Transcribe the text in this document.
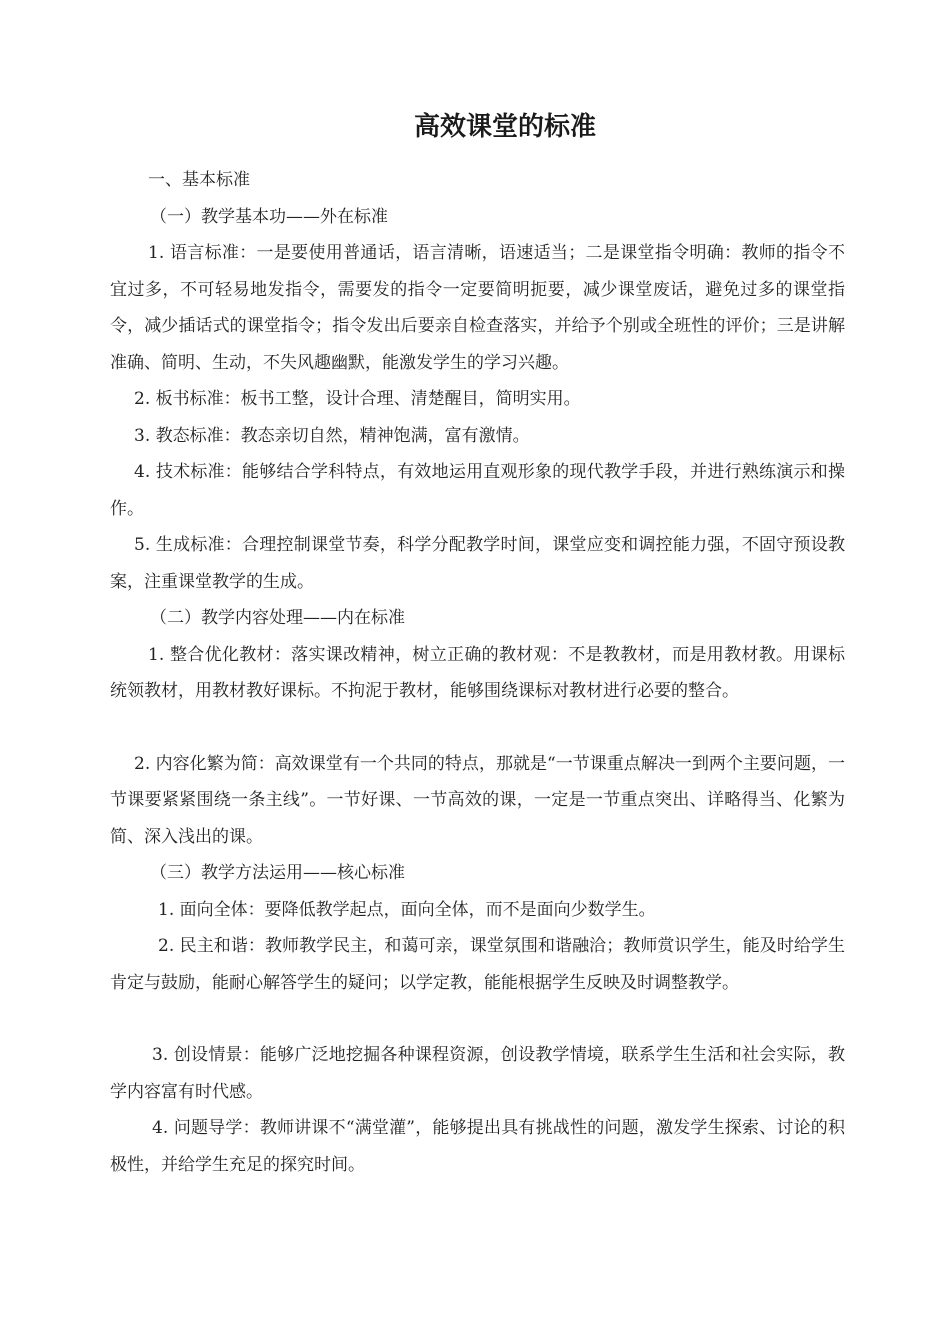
高效课堂的标准

一、基本标准

（一）教学基本功——外在标准

1. 语言标准：一是要使用普通话，语言清晰，语速适当；二是课堂指令明确：教师的指令不宜过多，不可轻易地发指令，需要发的指令一定要简明扼要，减少课堂废话，避免过多的课堂指令，减少插话式的课堂指令；指令发出后要亲自检查落实，并给予个别或全班性的评价；三是讲解准确、简明、生动，不失风趣幽默，能激发学生的学习兴趣。

2. 板书标准：板书工整，设计合理、清楚醒目，简明实用。

3. 教态标准：教态亲切自然，精神饱满，富有激情。

4. 技术标准：能够结合学科特点，有效地运用直观形象的现代教学手段，并进行熟练演示和操作。

5. 生成标准：合理控制课堂节奏，科学分配教学时间，课堂应变和调控能力强，不固守预设教案，注重课堂教学的生成。

（二）教学内容处理——内在标准

1. 整合优化教材：落实课改精神，树立正确的教材观：不是教教材，而是用教材教。用课标统领教材，用教材教好课标。不拘泥于教材，能够围绕课标对教材进行必要的整合。

2. 内容化繁为简：高效课堂有一个共同的特点，那就是“一节课重点解决一到两个主要问题，一节课要紧紧围绕一条主线”。一节好课、一节高效的课，一定是一节重点突出、详略得当、化繁为简、深入浅出的课。

（三）教学方法运用——核心标准

1. 面向全体：要降低教学起点，面向全体，而不是面向少数学生。

2. 民主和谐：教师教学民主，和蔼可亲，课堂氛围和谐融洽；教师赏识学生，能及时给学生肯定与鼓励，能耐心解答学生的疑问；以学定教，能能根据学生反映及时调整教学。

3. 创设情景：能够广泛地挖掘各种课程资源，创设教学情境，联系学生生活和社会实际，教学内容富有时代感。

4. 问题导学：教师讲课不“满堂灌”，能够提出具有挑战性的问题，激发学生探索、讨论的积极性，并给学生充足的探究时间。
